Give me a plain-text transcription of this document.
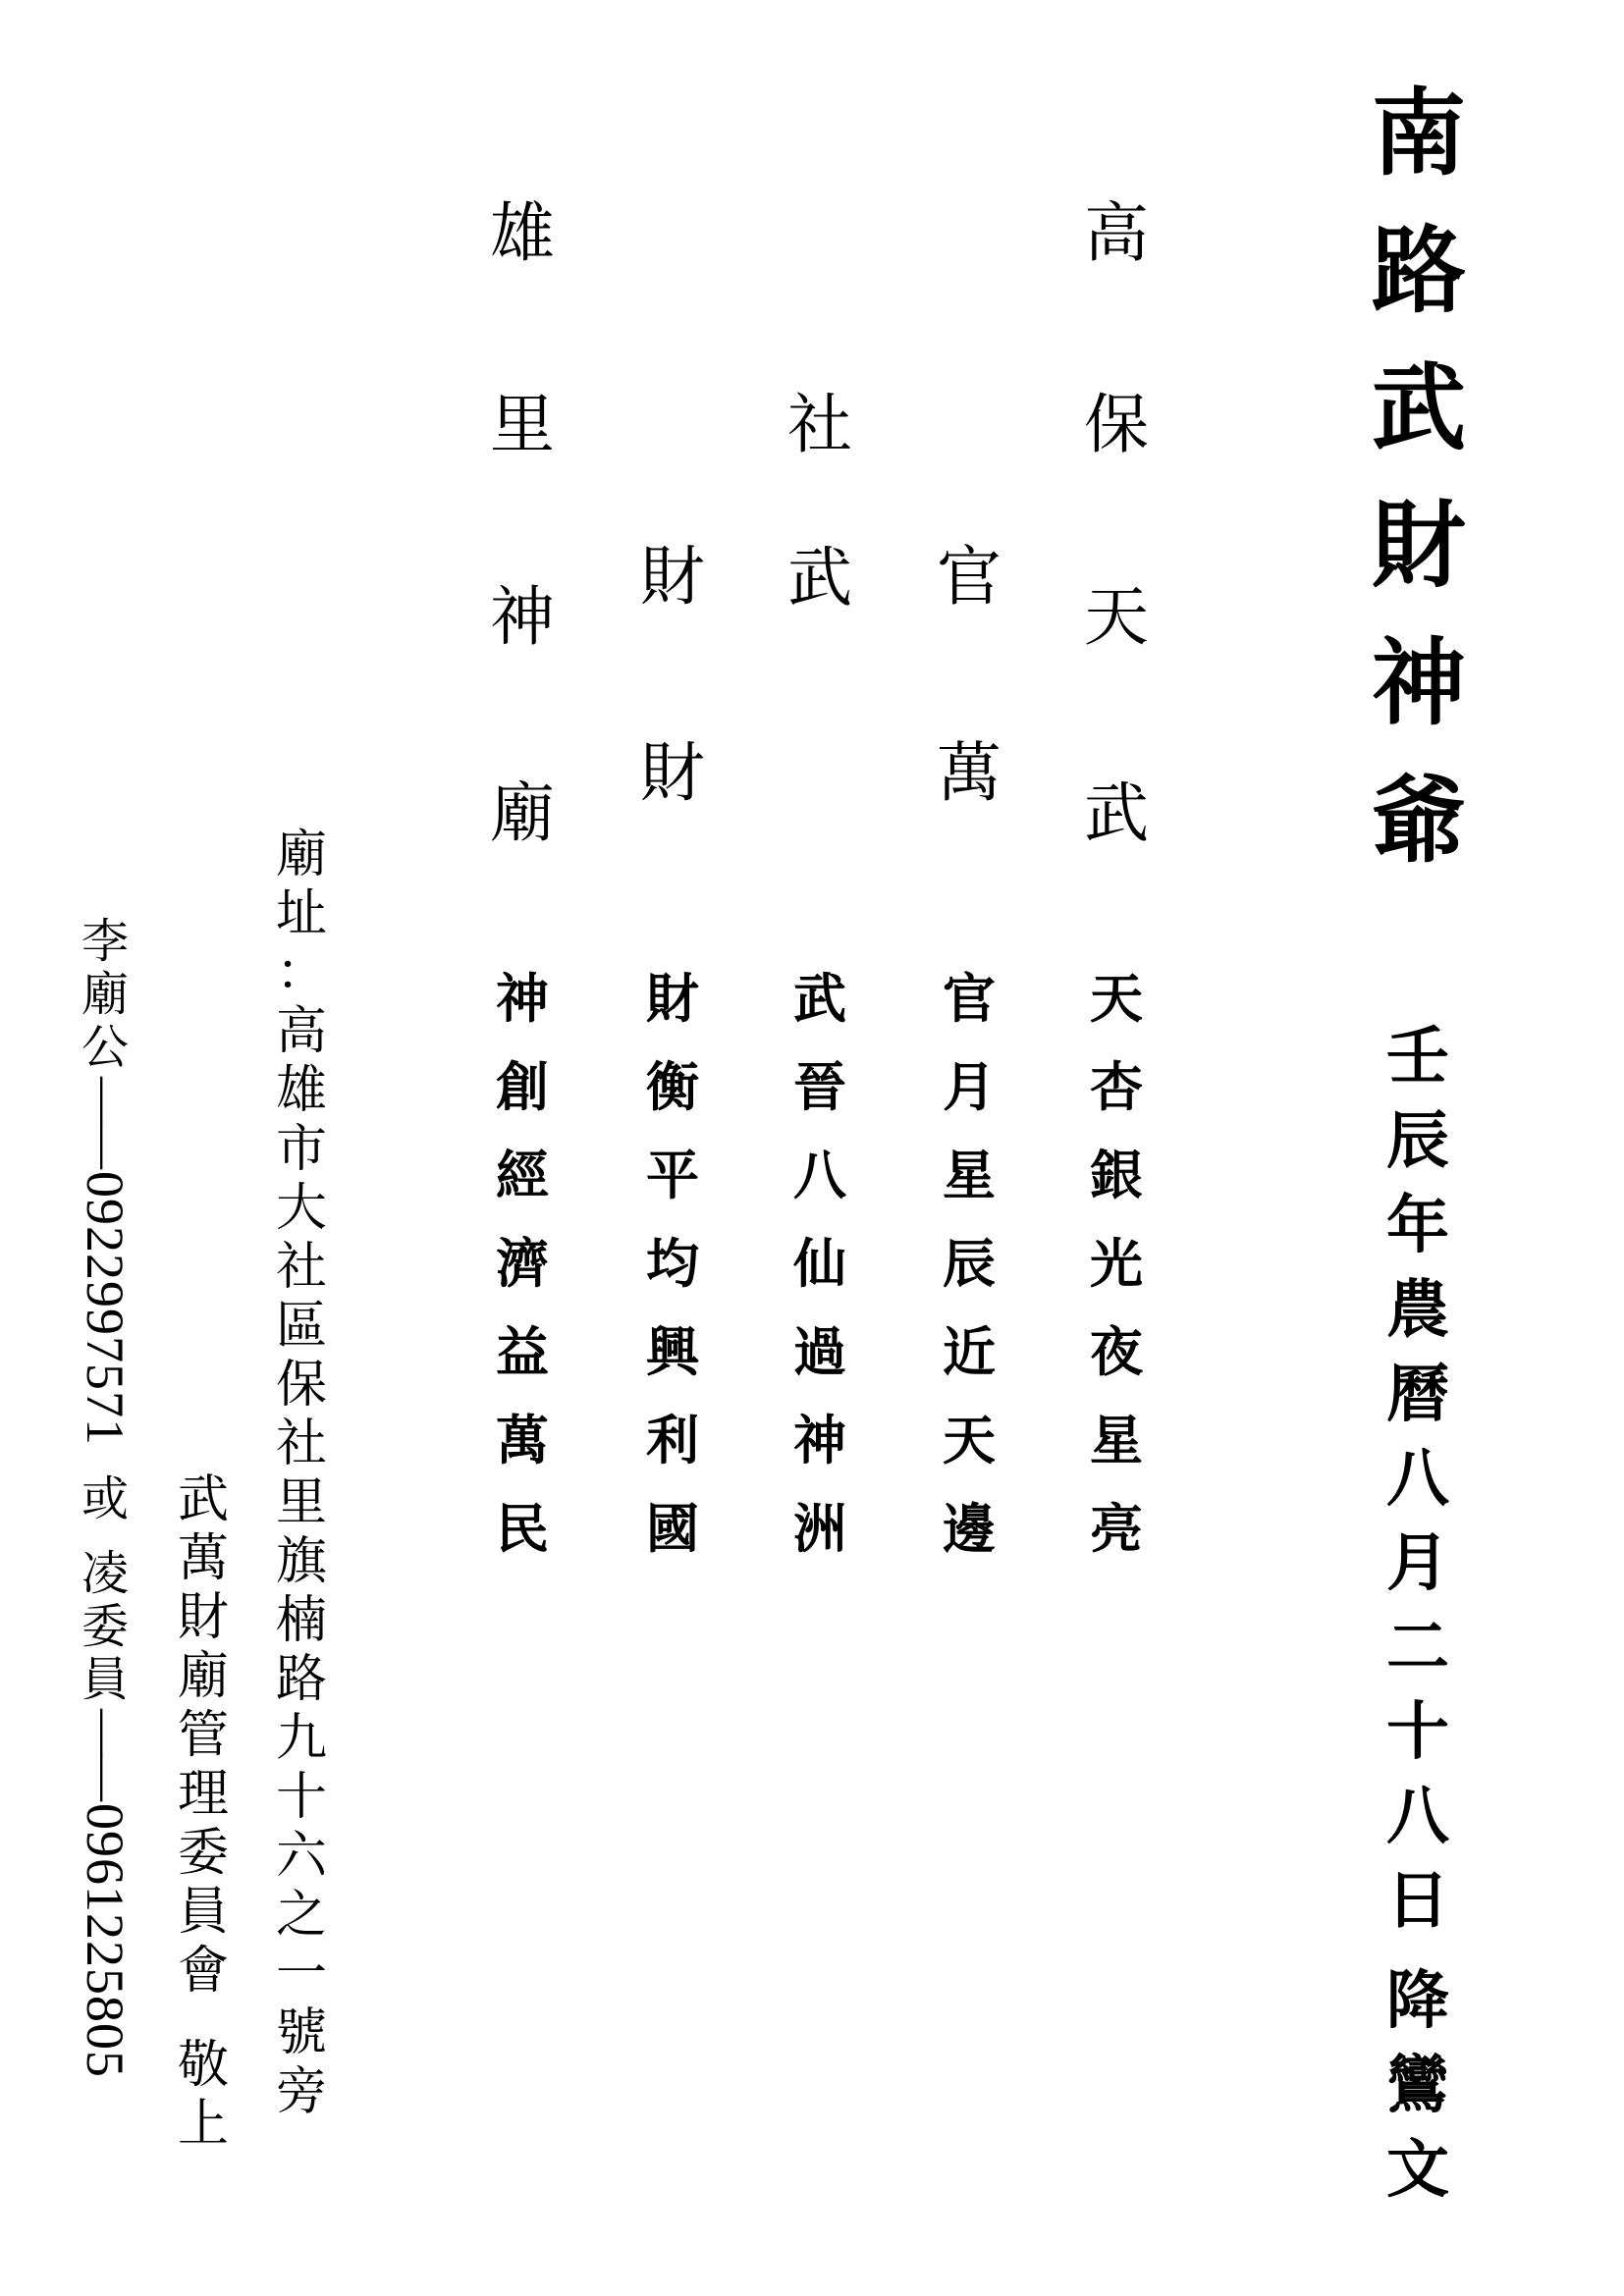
南
路
武
財
神
爺
壬
辰
年
農
曆
八
月
二
十
八
日
降
鸞
文
高
保
天
武
官
萬
社
武
財
財
雄
里
神
廟
天
杏
銀
光
夜
星
亮
官
月
星
辰
近
天
邊
武
晉
八
仙
過
神
洲
財
衡
平
均
興
利
國
神
創
經
濟
益
萬
民
廟
址
：
高
雄
市
大
社
區
保
社
里
旗
楠
路
九
十
六
之
一
號
旁
武
萬
財
廟
管
理
委
員
會
敬
上
李
廟
公
——
0922997571
或
凌
委
員
——
0961225805
